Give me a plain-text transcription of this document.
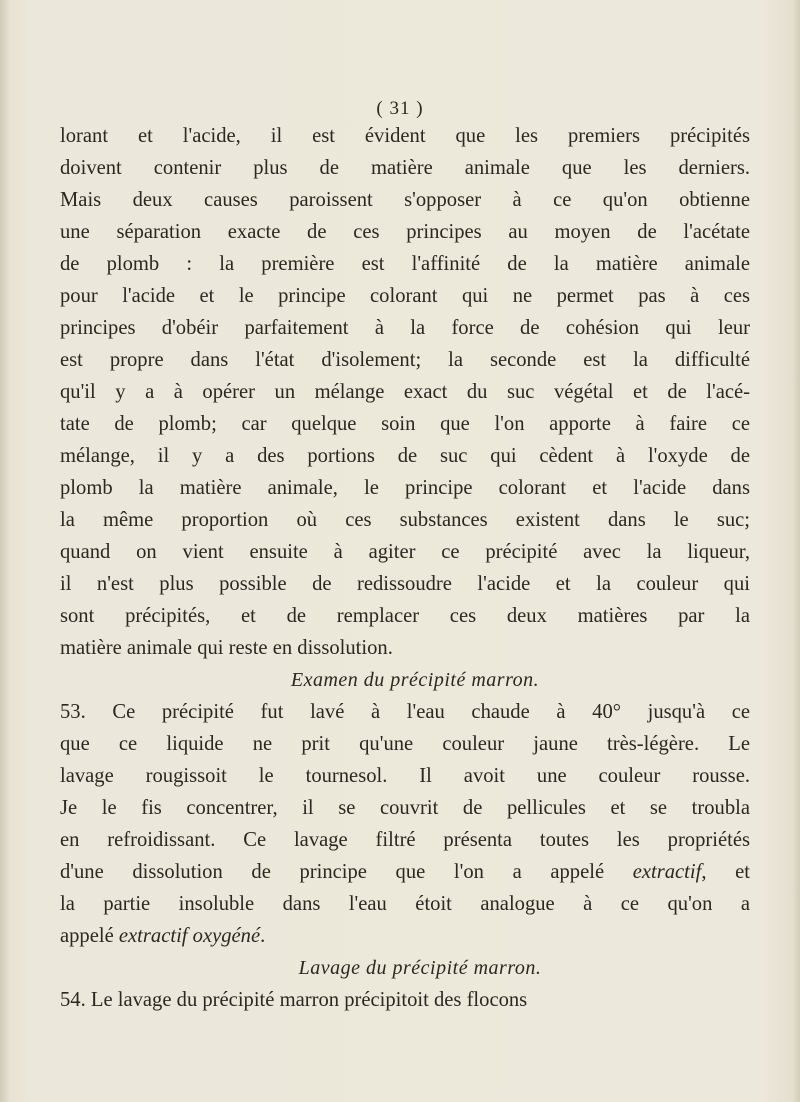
( 31 )
lorant et l'acide, il est évident que les premiers précipités
doivent contenir plus de matière animale que les derniers.
Mais deux causes paroissent s'opposer à ce qu'on obtienne
une séparation exacte de ces principes au moyen de l'acétate
de plomb : la première est l'affinité de la matière animale
pour l'acide et le principe colorant qui ne permet pas à ces
principes d'obéir parfaitement à la force de cohésion qui leur
est propre dans l'état d'isolement; la seconde est la difficulté
qu'il y a à opérer un mélange exact du suc végétal et de l'acé-
tate de plomb; car quelque soin que l'on apporte à faire ce
mélange, il y a des portions de suc qui cèdent à l'oxyde de
plomb la matière animale, le principe colorant et l'acide dans
la même proportion où ces substances existent dans le suc;
quand on vient ensuite à agiter ce précipité avec la liqueur,
il n'est plus possible de redissoudre l'acide et la couleur qui
sont précipités, et de remplacer ces deux matières par la
matière animale qui reste en dissolution.
Examen du précipité marron.
53. Ce précipité fut lavé à l'eau chaude à 40° jusqu'à ce
que ce liquide ne prit qu'une couleur jaune très-légère. Le
lavage rougissoit le tournesol. Il avoit une couleur rousse.
Je le fis concentrer, il se couvrit de pellicules et se troubla
en refroidissant. Ce lavage filtré présenta toutes les propriétés
d'une dissolution de principe que l'on a appelé extractif, et
la partie insoluble dans l'eau étoit analogue à ce qu'on a
appelé extractif oxygéné.
Lavage du précipité marron.
54. Le lavage du précipité marron précipitoit des flocons
